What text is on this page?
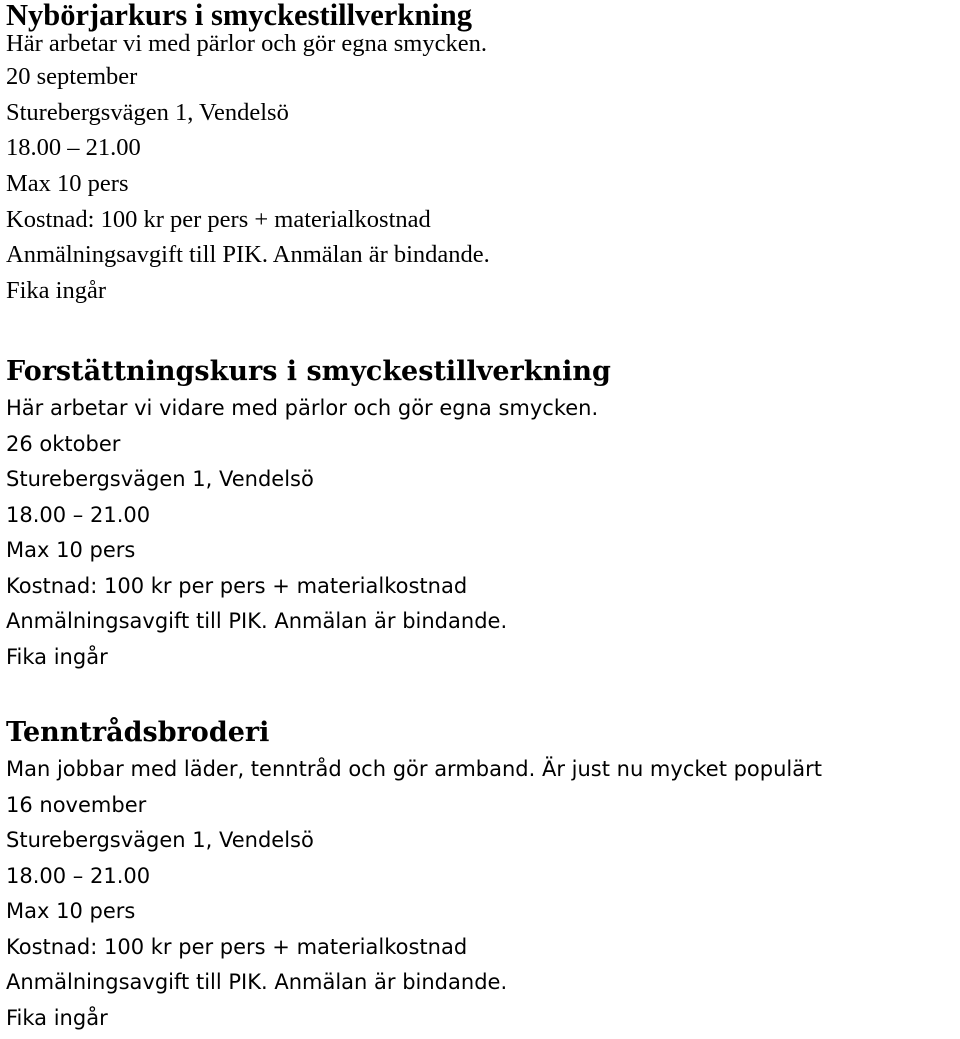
Nybörjarkurs i smyckestillverkning
Här arbetar vi med pärlor och gör egna smycken.
20 september
Sturebergsvägen 1, Vendelsö
18.00 – 21.00
Max 10 pers
Kostnad: 100 kr per pers + materialkostnad
Anmälningsavgift till PIK. Anmälan är bindande.
Fika ingår
Forstättningskurs i smyckestillverkning
Här arbetar vi vidare med pärlor och gör egna smycken.
26 oktober
Sturebergsvägen 1, Vendelsö
18.00 – 21.00
Max 10 pers
Kostnad: 100 kr per pers + materialkostnad
Anmälningsavgift till PIK. Anmälan är bindande.
Fika ingår
Tenntrådsbroderi
Man jobbar med läder, tenntråd och gör armband. Är just nu mycket populärt
16 november
Sturebergsvägen 1, Vendelsö
18.00 – 21.00
Max 10 pers
Kostnad: 100 kr per pers + materialkostnad
Anmälningsavgift till PIK. Anmälan är bindande.
Fika ingår
